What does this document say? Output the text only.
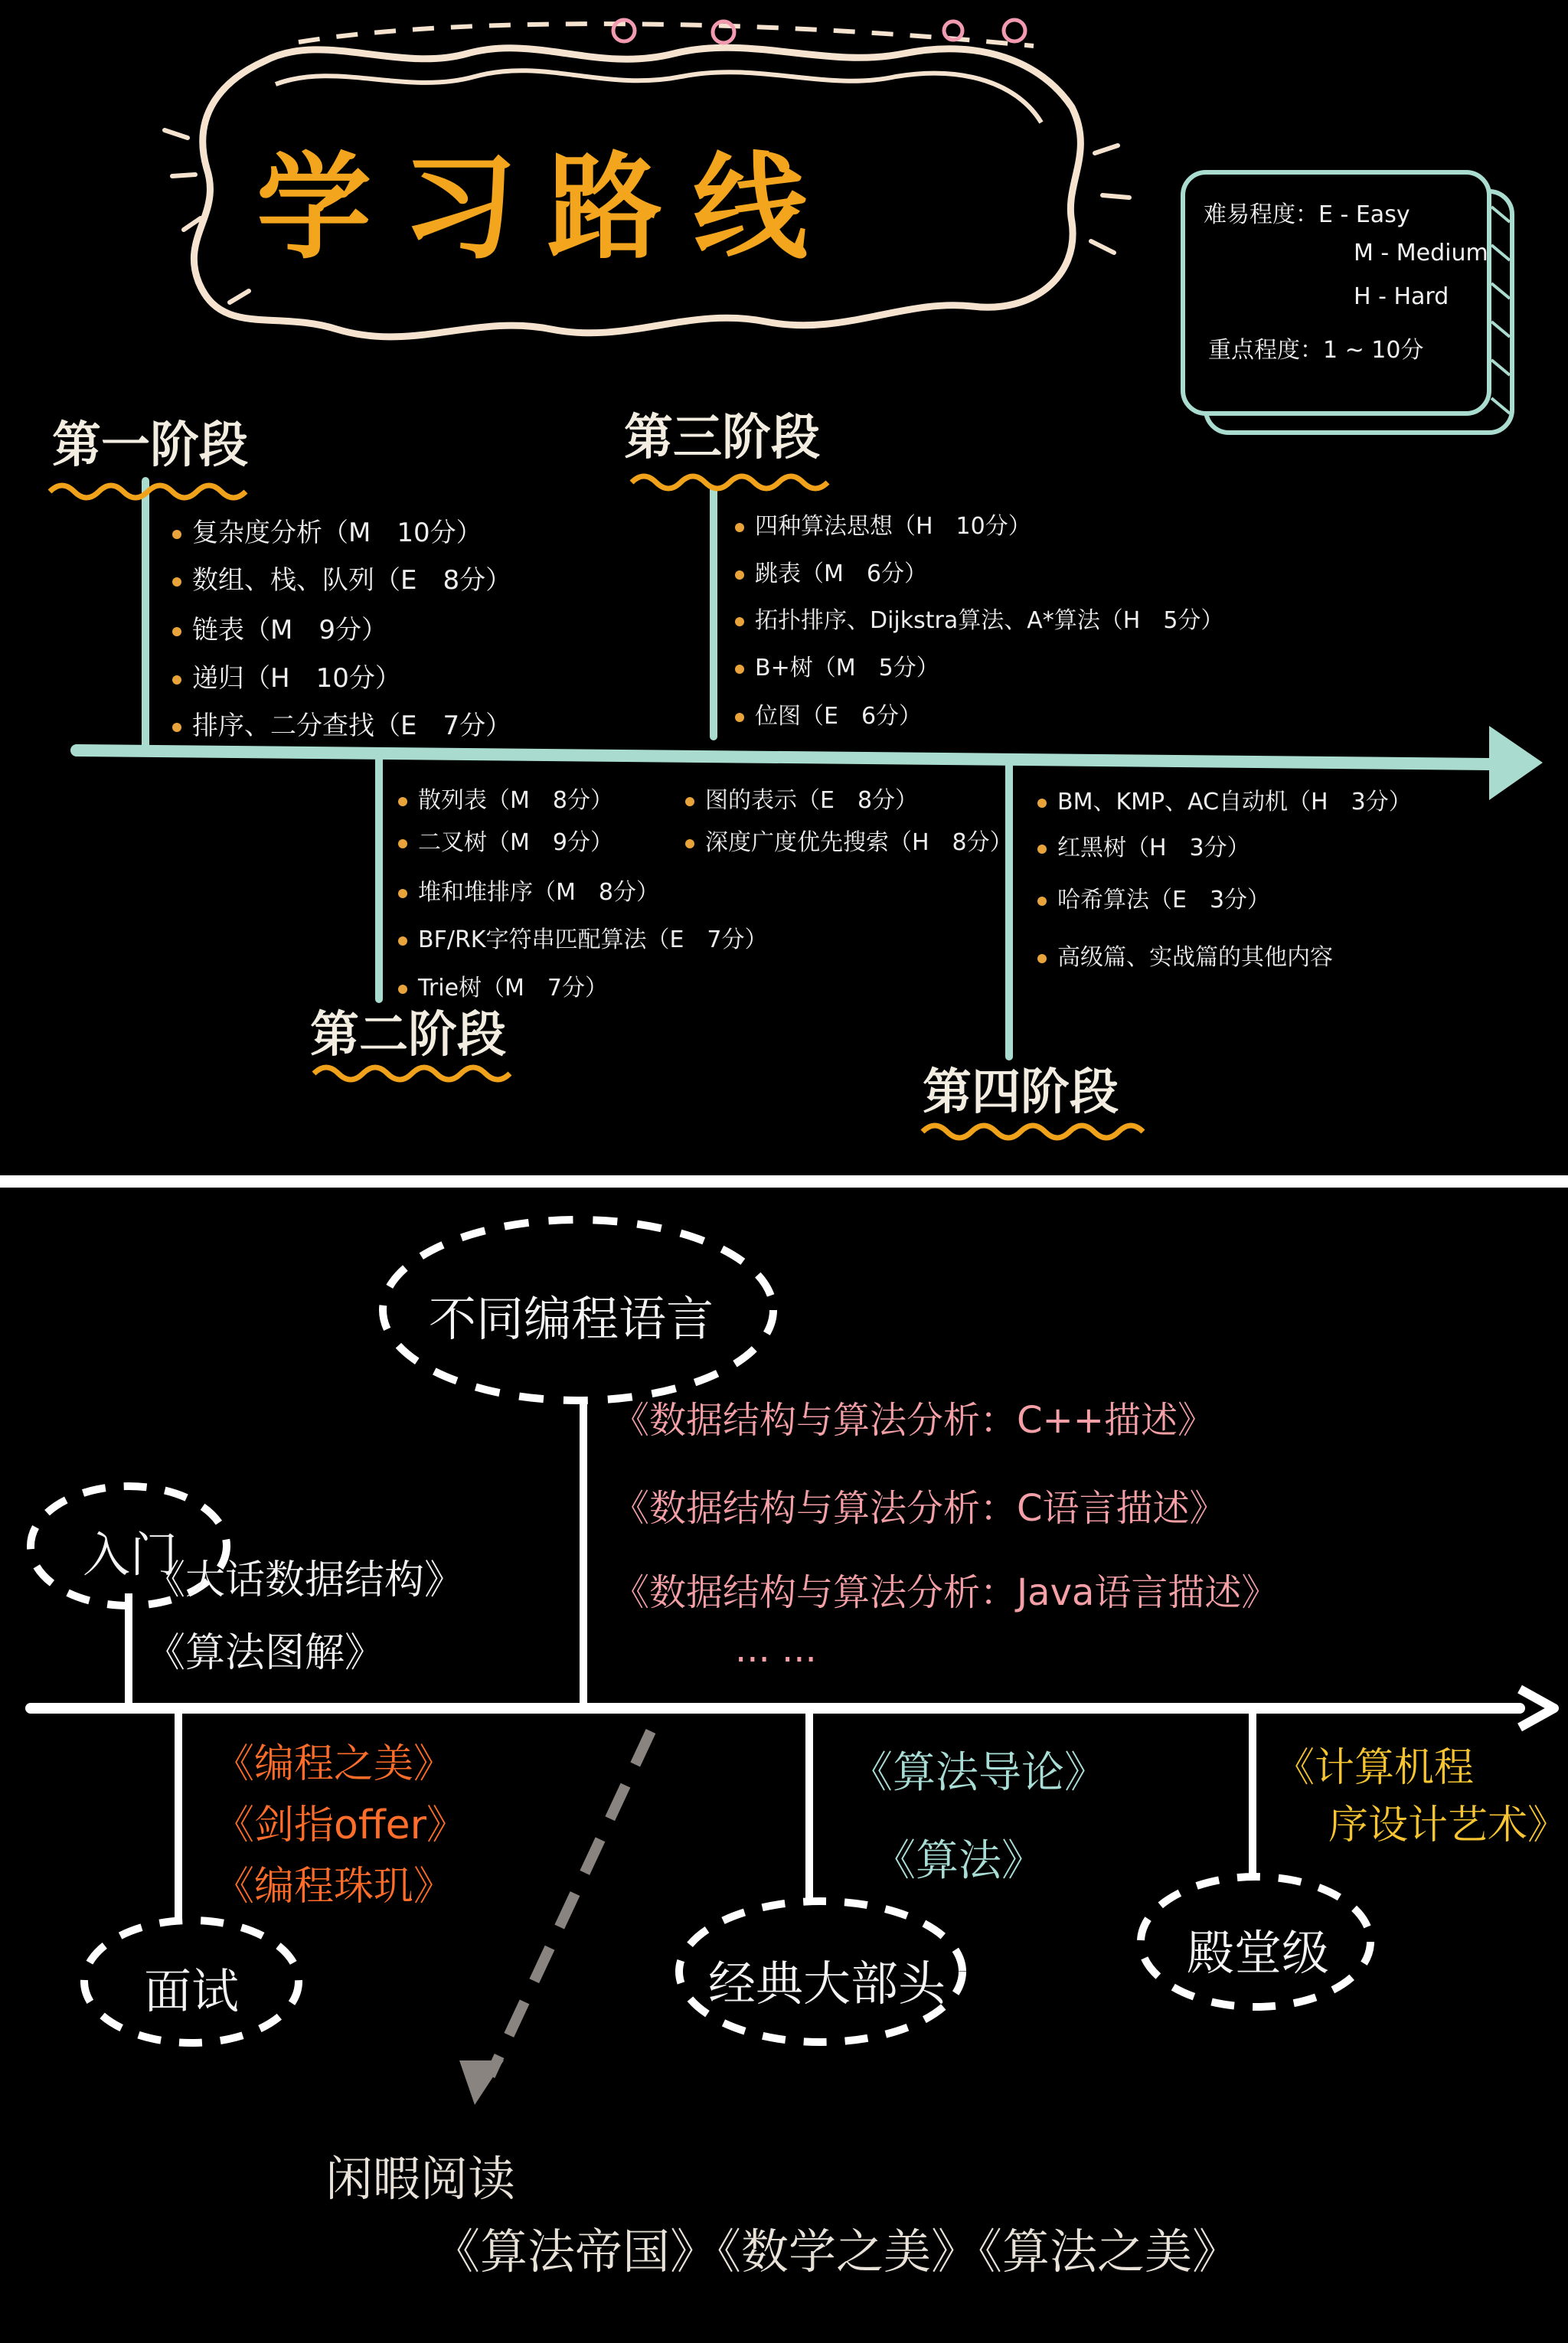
学习路线	难易程度：E - Easy
M - Medium
H - Hard
重点程度：1 ~ 10分
第一阶段
复杂度分析（M　10分）
数组、栈、队列（E　8分）
链表（M　9分）
递归（H　10分）
排序、二分查找（E　7分）
第三阶段
四种算法思想（H　10分）
跳表（M　6分）
拓扑排序、Dijkstra算法、A*算法（H　5分）
B+树（M　5分）
位图（E　6分）
散列表（M　8分）
二叉树（M　9分）
堆和堆排序（M　8分）
BF/RK字符串匹配算法（E　7分）
Trie树（M　7分）
图的表示（E　8分）
深度广度优先搜索（H　8分）
第二阶段
BM、KMP、AC自动机（H　3分）
红黑树（H　3分）
哈希算法（E　3分）
高级篇、实战篇的其他内容
第四阶段
不同编程语言
《数据结构与算法分析：C++描述》
《数据结构与算法分析：C语言描述》
《数据结构与算法分析：Java语言描述》
... ...
入门
《大话数据结构》
《算法图解》
《编程之美》
《剑指offer》
《编程珠玑》
面试
《算法导论》
《算法》
经典大部头
《计算机程
序设计艺术》
殿堂级
闲暇阅读
《算法帝国》《数学之美》《算法之美》
